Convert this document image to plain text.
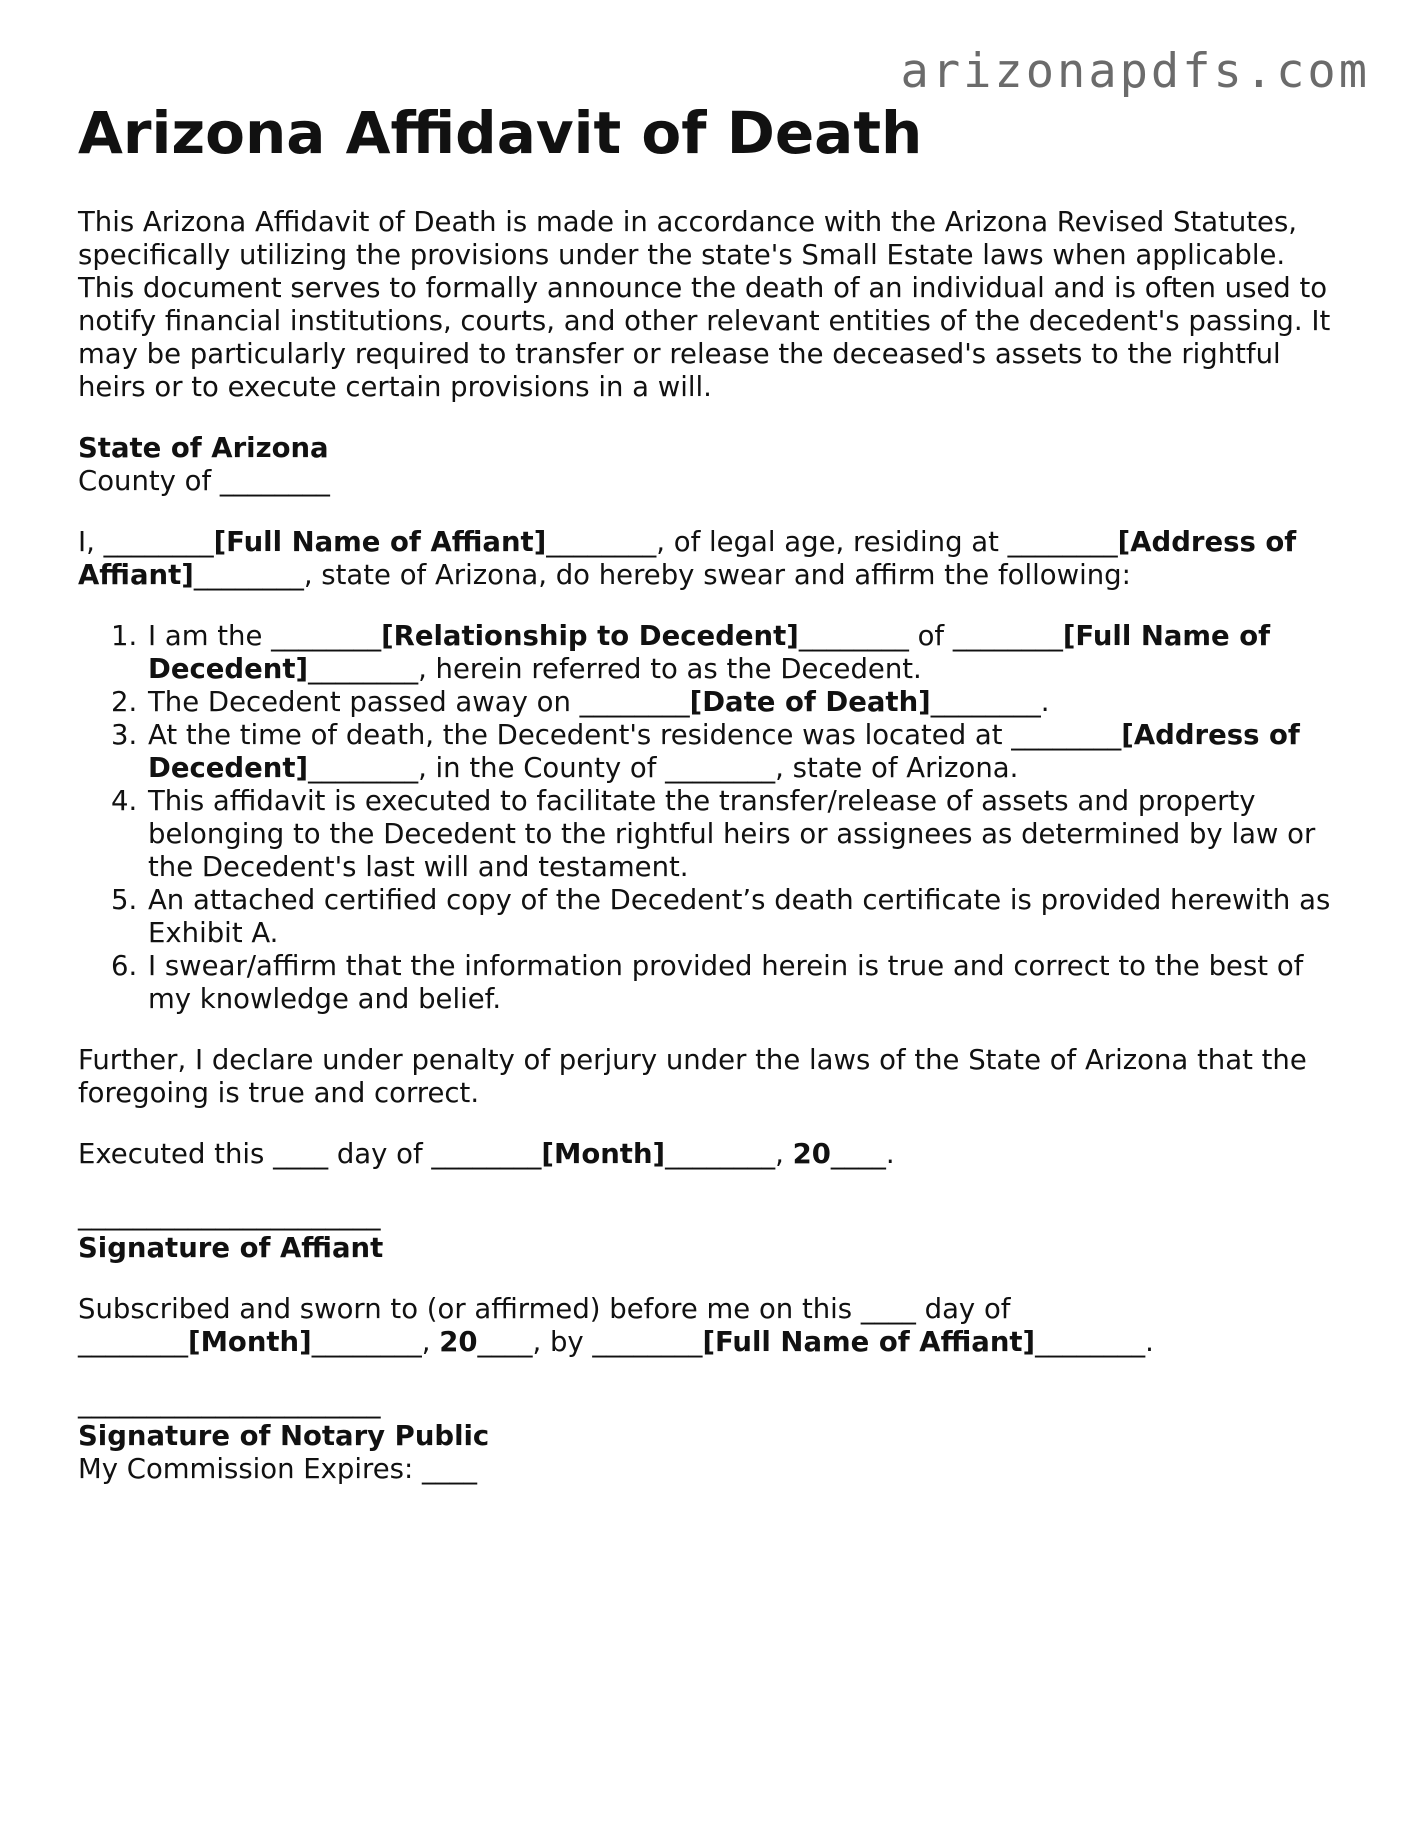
arizonapdfs.com
Arizona Affidavit of Death

This Arizona Affidavit of Death is made in accordance with the Arizona Revised Statutes, specifically utilizing the provisions under the state's Small Estate laws when applicable. This document serves to formally announce the death of an individual and is often used to notify financial institutions, courts, and other relevant entities of the decedent's passing. It may be particularly required to transfer or release the deceased's assets to the rightful heirs or to execute certain provisions in a will.

State of Arizona
County of ________

I, ________[Full Name of Affiant]________, of legal age, residing at ________[Address of Affiant]________, state of Arizona, do hereby swear and affirm the following:

1. I am the ________[Relationship to Decedent]________ of ________[Full Name of Decedent]________, herein referred to as the Decedent.
2. The Decedent passed away on ________[Date of Death]________.
3. At the time of death, the Decedent's residence was located at ________[Address of Decedent]________, in the County of ________, state of Arizona.
4. This affidavit is executed to facilitate the transfer/release of assets and property belonging to the Decedent to the rightful heirs or assignees as determined by law or the Decedent's last will and testament.
5. An attached certified copy of the Decedent’s death certificate is provided herewith as Exhibit A.
6. I swear/affirm that the information provided herein is true and correct to the best of my knowledge and belief.

Further, I declare under penalty of perjury under the laws of the State of Arizona that the foregoing is true and correct.

Executed this ____ day of ________[Month]________, 20____.

______________________
Signature of Affiant

Subscribed and sworn to (or affirmed) before me on this ____ day of ________[Month]________, 20____, by ________[Full Name of Affiant]________.

______________________
Signature of Notary Public
My Commission Expires: ____
